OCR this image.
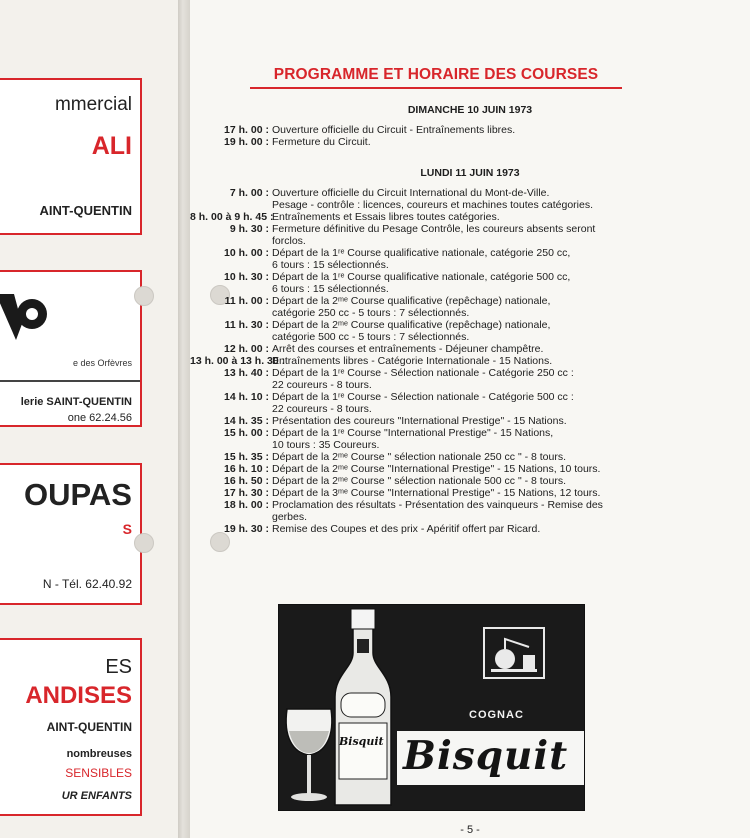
mmercial
ALI
AINT-QUENTIN
e des Orfèvres
lerie SAINT-QUENTIN
one 62.24.56
OUPAS
S
N - Tél. 62.40.92
ES
ANDISES
AINT-QUENTIN
nombreuses
SENSIBLES
UR ENFANTS
PROGRAMME ET HORAIRE DES COURSES
DIMANCHE 10 JUIN 1973
17 h. 00 : Ouverture officielle du Circuit - Entraînements libres.
19 h. 00 : Fermeture du Circuit.
LUNDI 11 JUIN 1973
7 h. 00 : Ouverture officielle du Circuit International du Mont-de-Ville.
Pesage - contrôle : licences, coureurs et machines toutes catégories.
8 h. 00 à 9 h. 45 :
Entraînements et Essais libres toutes catégories.
9 h. 30 : Fermeture définitive du Pesage Contrôle, les coureurs absents seront
forclos.
10 h. 00 : Départ de la 1ʳᵉ Course qualificative nationale, catégorie 250 cc,
6 tours : 15 sélectionnés.
10 h. 30 : Départ de la 1ʳᵉ Course qualificative nationale, catégorie 500 cc,
6 tours : 15 sélectionnés.
11 h. 00 : Départ de la 2ᵐᵉ Course qualificative (repêchage) nationale,
catégorie 250 cc - 5 tours : 7 sélectionnés.
11 h. 30 : Départ de la 2ᵐᵉ Course qualificative (repêchage) nationale,
catégorie 500 cc - 5 tours : 7 sélectionnés.
12 h. 00 : Arrêt des courses et entraînements - Déjeuner champêtre.
13 h. 00 à 13 h. 30 :
Entraînements libres - Catégorie Internationale - 15 Nations.
13 h. 40 : Départ de la 1ʳᵉ Course - Sélection nationale - Catégorie 250 cc :
22 coureurs - 8 tours.
14 h. 10 : Départ de la 1ʳᵉ Course - Sélection nationale - Catégorie 500 cc :
22 coureurs - 8 tours.
14 h. 35 : Présentation des coureurs "International Prestige" - 15 Nations.
15 h. 00 : Départ de la 1ʳᵉ Course "International Prestige" - 15 Nations,
10 tours : 35 Coureurs.
15 h. 35 : Départ de la 2ᵐᵉ Course " sélection nationale 250 cc " - 8 tours.
16 h. 10 : Départ de la 2ᵐᵉ Course "International Prestige" - 15 Nations, 10 tours.
16 h. 50 : Départ de la 2ᵐᵉ Course " sélection nationale 500 cc " - 8 tours.
17 h. 30 : Départ de la 3ᵐᵉ Course "International Prestige" - 15 Nations, 12 tours.
18 h. 00 : Proclamation des résultats - Présentation des vainqueurs - Remise des
gerbes.
19 h. 30 : Remise des Coupes et des prix - Apéritif offert par Ricard.
Bisquit
COGNAC
Bisquit
- 5 -
